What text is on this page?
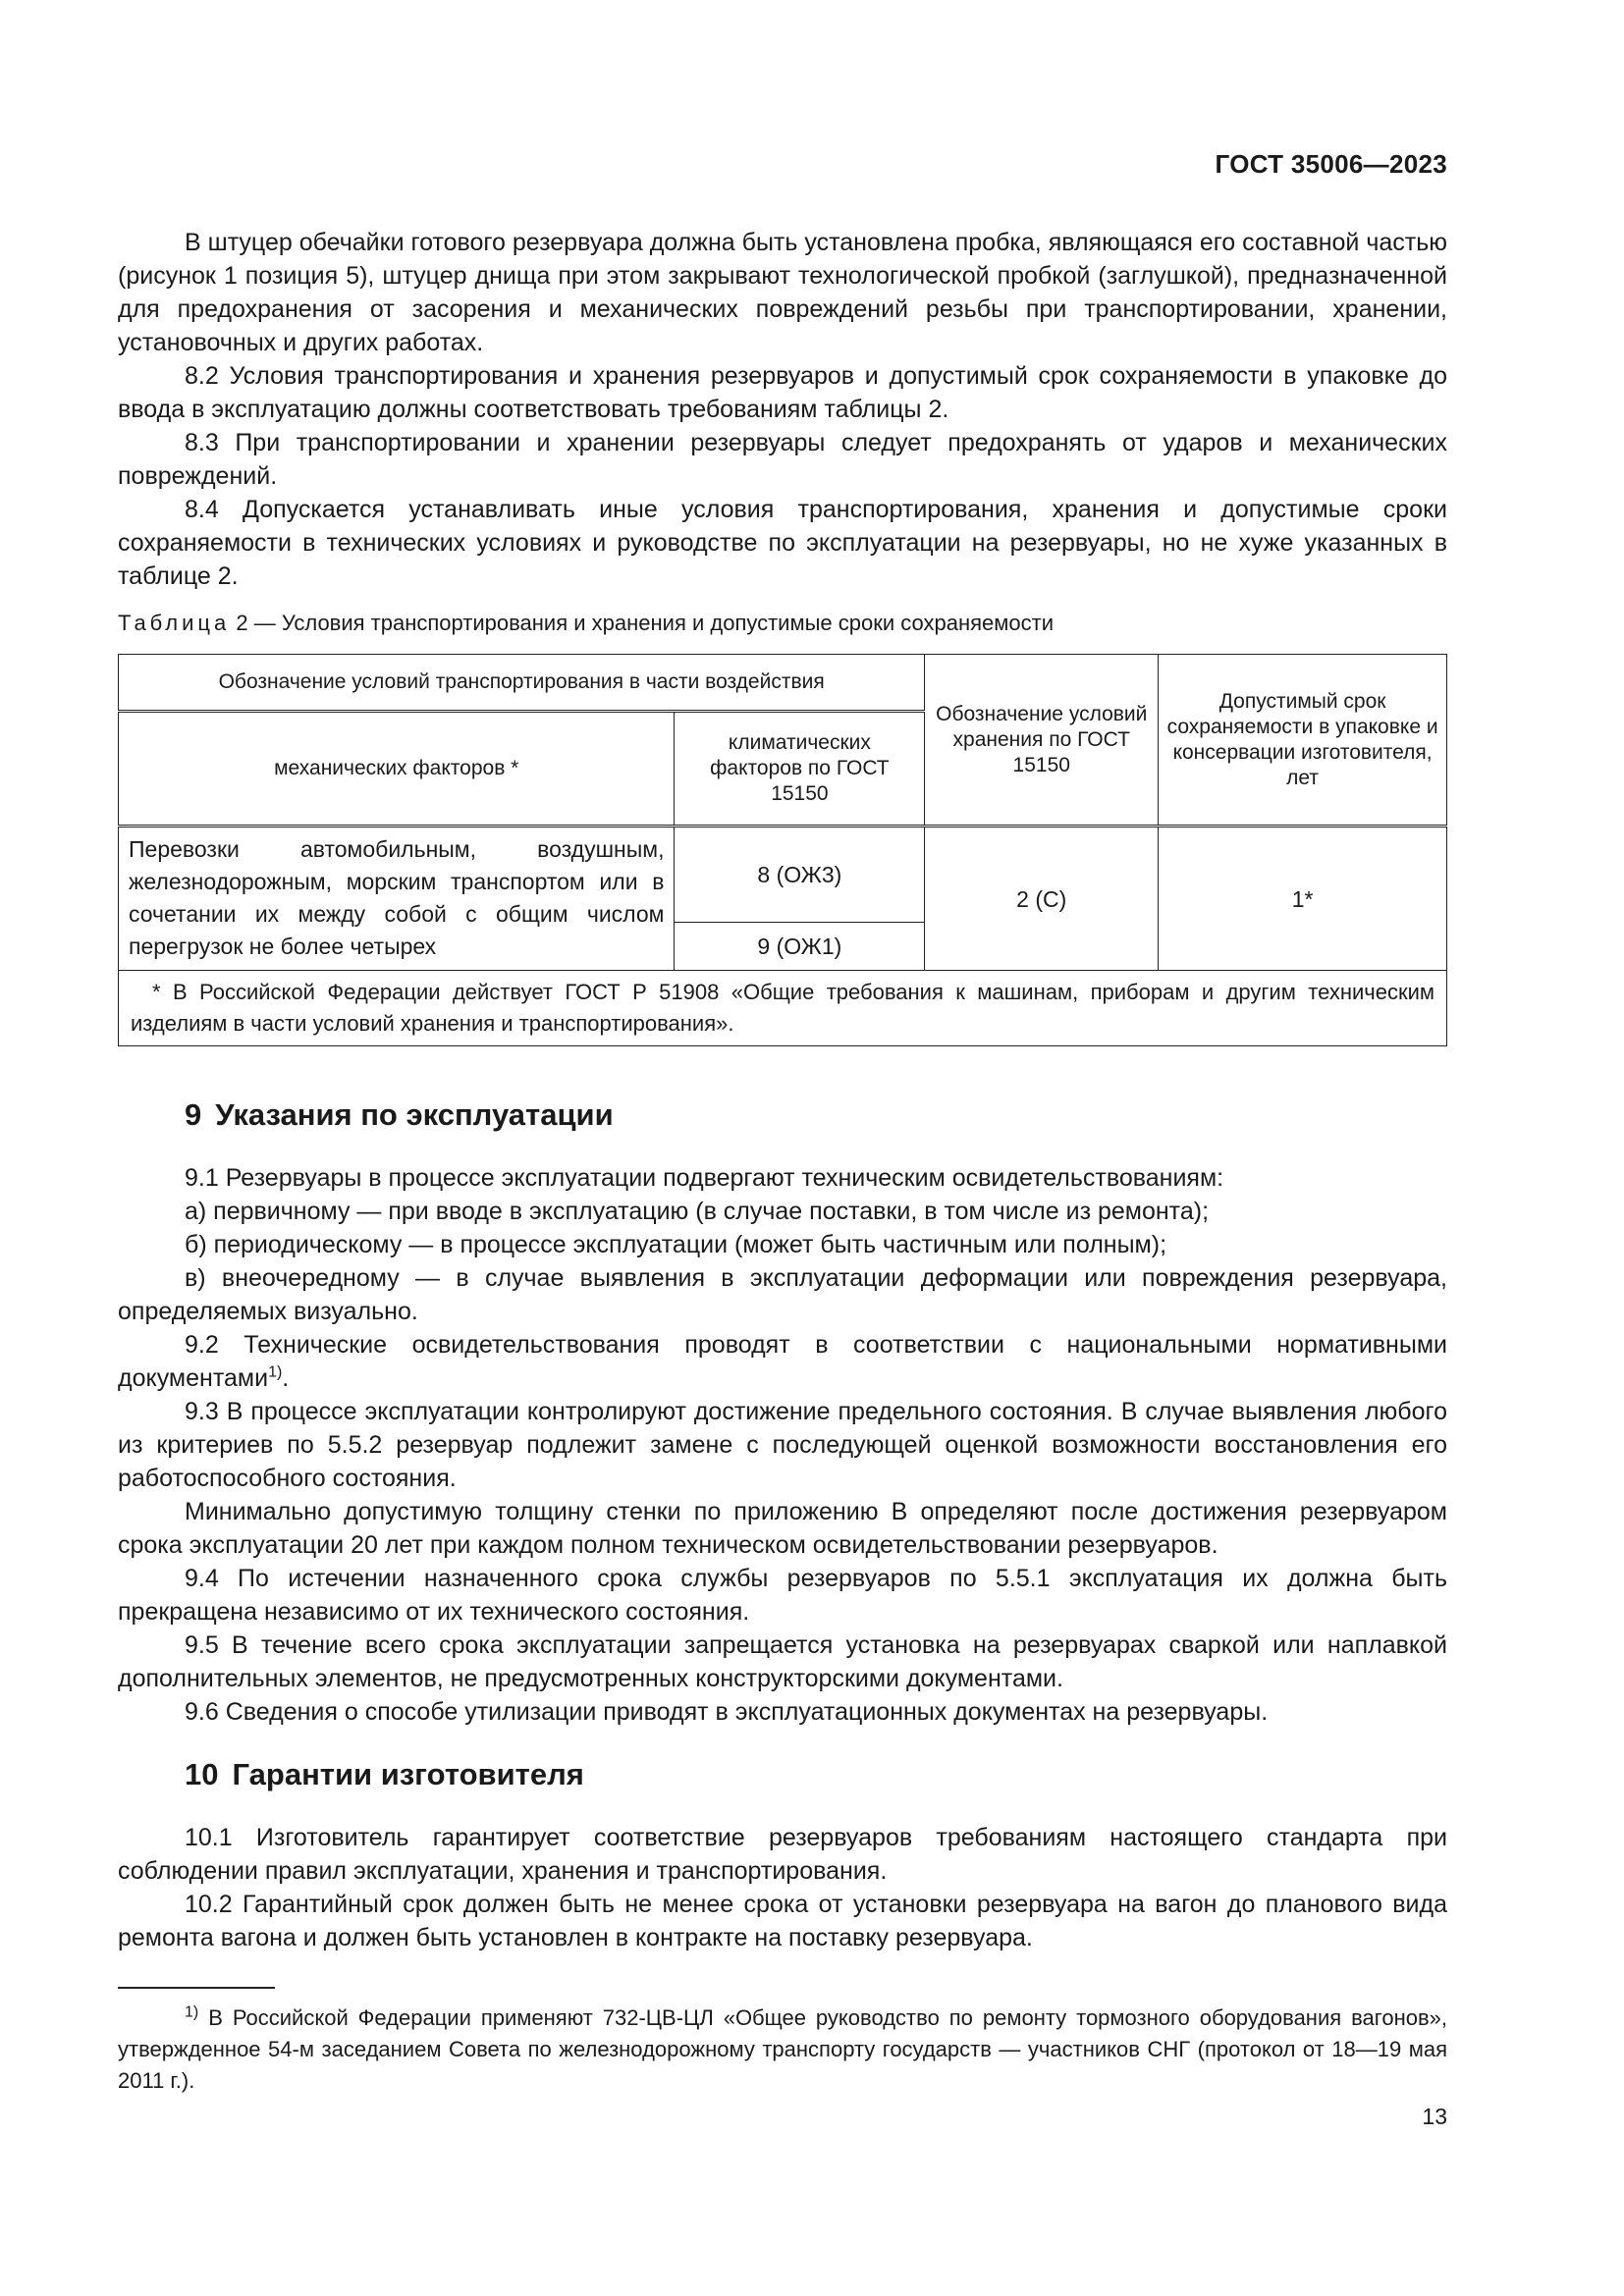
ГОСТ 35006—2023

В штуцер обечайки готового резервуара должна быть установлена пробка, являющаяся его составной частью (рисунок 1 позиция 5), штуцер днища при этом закрывают технологической пробкой (заглушкой), предназначенной для предохранения от засорения и механических повреждений резьбы при транспортировании, хранении, установочных и других работах.

8.2 Условия транспортирования и хранения резервуаров и допустимый срок сохраняемости в упаковке до ввода в эксплуатацию должны соответствовать требованиям таблицы 2.

8.3 При транспортировании и хранении резервуары следует предохранять от ударов и механических повреждений.

8.4 Допускается устанавливать иные условия транспортирования, хранения и допустимые сроки сохраняемости в технических условиях и руководстве по эксплуатации на резервуары, но не хуже указанных в таблице 2.

Таблица 2 — Условия транспортирования и хранения и допустимые сроки сохраняемости
Обозначение условий транспортирования в части воздействия		Обозначение условий хранения по ГОСТ 15150	Допустимый срок сохраняемости в упаковке и консервации изготовителя, лет
механических факторов *	климатических факторов по ГОСТ 15150		
Перевозки автомобильным, воздушным, железнодорожным, морским транспортом или в сочетании их между собой с общим числом перегрузок не более четырех	8 (ОЖ3)	2 (С)	1*
	9 (ОЖ1)		
* В Российской Федерации действует ГОСТ Р 51908 «Общие требования к машинам, приборам и другим техническим изделиям в части условий хранения и транспортирования».			
9 Указания по эксплуатации

9.1 Резервуары в процессе эксплуатации подвергают техническим освидетельствованиям:

а) первичному — при вводе в эксплуатацию (в случае поставки, в том числе из ремонта);

б) периодическому — в процессе эксплуатации (может быть частичным или полным);

в) внеочередному — в случае выявления в эксплуатации деформации или повреждения резервуара, определяемых визуально.

9.2 Технические освидетельствования проводят в соответствии с национальными нормативными документами$^{1)}$.

9.3 В процессе эксплуатации контролируют достижение предельного состояния. В случае выявления любого из критериев по 5.5.2 резервуар подлежит замене с последующей оценкой возможности восстановления его работоспособного состояния.

Минимально допустимую толщину стенки по приложению В определяют после достижения резервуаром срока эксплуатации 20 лет при каждом полном техническом освидетельствовании резервуаров.

9.4 По истечении назначенного срока службы резервуаров по 5.5.1 эксплуатация их должна быть прекращена независимо от их технического состояния.

9.5 В течение всего срока эксплуатации запрещается установка на резервуарах сваркой или наплавкой дополнительных элементов, не предусмотренных конструкторскими документами.

9.6 Сведения о способе утилизации приводят в эксплуатационных документах на резервуары.

10 Гарантии изготовителя

10.1 Изготовитель гарантирует соответствие резервуаров требованиям настоящего стандарта при соблюдении правил эксплуатации, хранения и транспортирования.

10.2 Гарантийный срок должен быть не менее срока от установки резервуара на вагон до планового вида ремонта вагона и должен быть установлен в контракте на поставку резервуара.

$^{1)}$ В Российской Федерации применяют 732-ЦВ-ЦЛ «Общее руководство по ремонту тормозного оборудования вагонов», утвержденное 54-м заседанием Совета по железнодорожному транспорту государств — участников СНГ (протокол от 18—19 мая 2011 г.).

13
